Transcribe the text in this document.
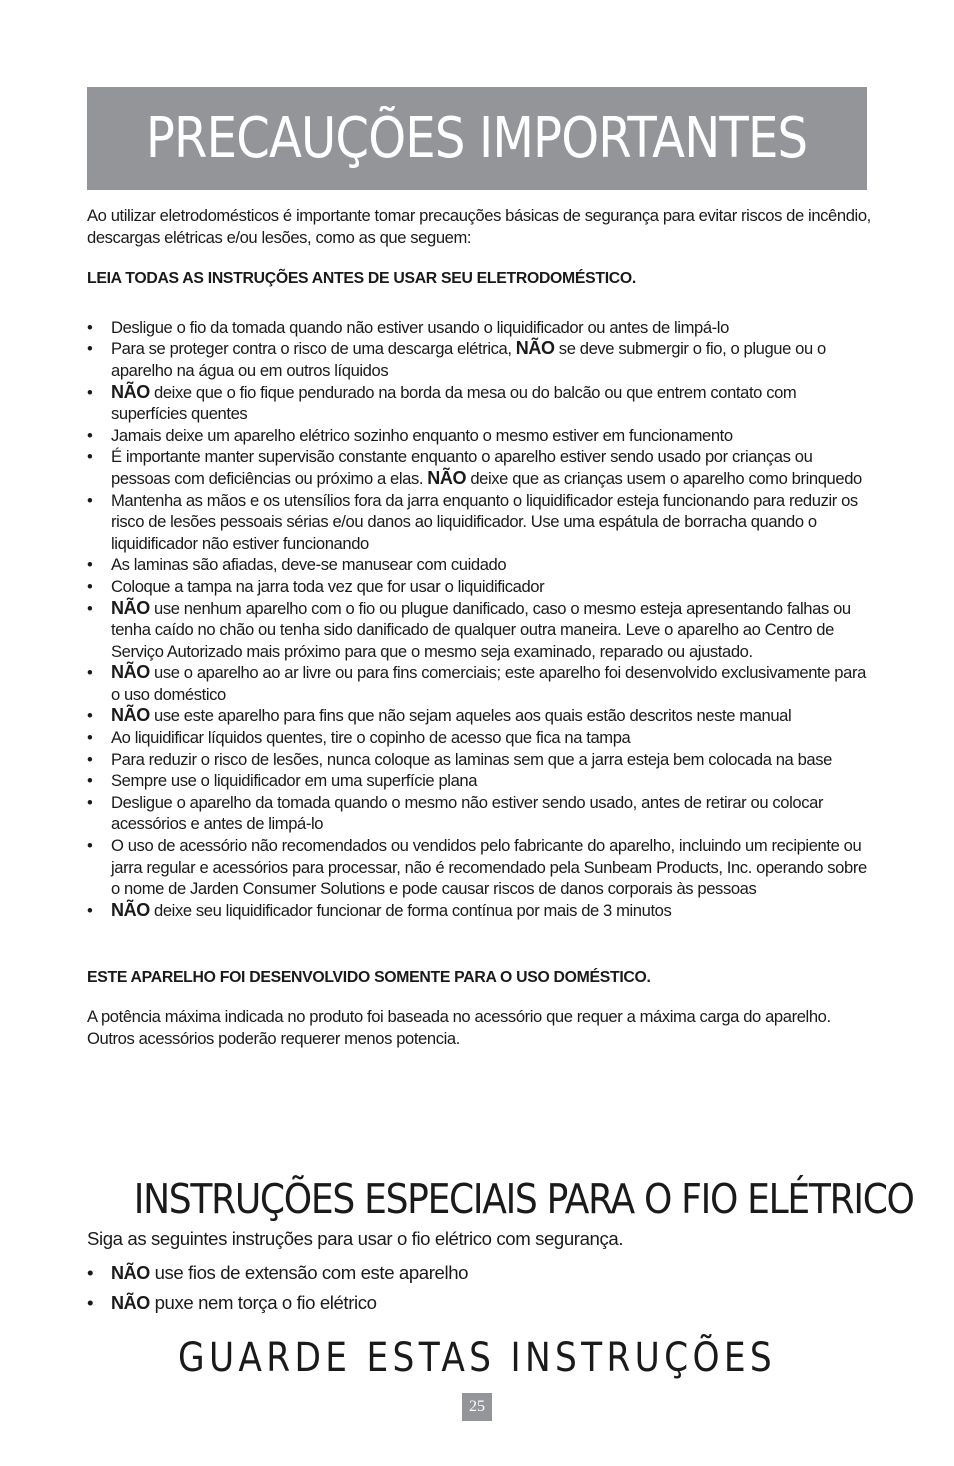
PRECAUÇÕES IMPORTANTES

Ao utilizar eletrodomésticos é importante tomar precauções básicas de segurança para evitar riscos de incêndio, descargas elétricas e/ou lesões, como as que seguem:

LEIA TODAS AS INSTRUÇÕES ANTES DE USAR SEU ELETRODOMÉSTICO.

• Desligue o fio da tomada quando não estiver usando o liquidificador ou antes de limpá-lo
• Para se proteger contra o risco de uma descarga elétrica, NÃO se deve submergir o fio, o plugue ou o aparelho na água ou em outros líquidos
• NÃO deixe que o fio fique pendurado na borda da mesa ou do balcão ou que entrem contato com superfícies quentes
• Jamais deixe um aparelho elétrico sozinho enquanto o mesmo estiver em funcionamento
• É importante manter supervisão constante enquanto o aparelho estiver sendo usado por crianças ou pessoas com deficiências ou próximo a elas. NÃO deixe que as crianças usem o aparelho como brinquedo
• Mantenha as mãos e os utensílios fora da jarra enquanto o liquidificador esteja funcionando para reduzir os risco de lesões pessoais sérias e/ou danos ao liquidificador. Use uma espátula de borracha quando o liquidificador não estiver funcionando
• As laminas são afiadas, deve-se manusear com cuidado
• Coloque a tampa na jarra toda vez que for usar o liquidificador
• NÃO use nenhum aparelho com o fio ou plugue danificado, caso o mesmo esteja apresentando falhas ou tenha caído no chão ou tenha sido danificado de qualquer outra maneira. Leve o aparelho ao Centro de Serviço Autorizado mais próximo para que o mesmo seja examinado, reparado ou ajustado.
• NÃO use o aparelho ao ar livre ou para fins comerciais; este aparelho foi desenvolvido exclusivamente para o uso doméstico
• NÃO use este aparelho para fins que não sejam aqueles aos quais estão descritos neste manual
• Ao liquidificar líquidos quentes, tire o copinho de acesso que fica na tampa
• Para reduzir o risco de lesões, nunca coloque as laminas sem que a jarra esteja bem colocada na base
• Sempre use o liquidificador em uma superfície plana
• Desligue o aparelho da tomada quando o mesmo não estiver sendo usado, antes de retirar ou colocar acessórios e antes de limpá-lo
• O uso de acessório não recomendados ou vendidos pelo fabricante do aparelho, incluindo um recipiente ou jarra regular e acessórios para processar, não é recomendado pela Sunbeam Products, Inc. operando sobre o nome de Jarden Consumer Solutions e pode causar riscos de danos corporais às pessoas
• NÃO deixe seu liquidificador funcionar de forma contínua por mais de 3 minutos

ESTE APARELHO FOI DESENVOLVIDO SOMENTE PARA O USO DOMÉSTICO.

A potência máxima indicada no produto foi baseada no acessório que requer a máxima carga do aparelho. Outros acessórios poderão requerer menos potencia.

INSTRUÇÕES ESPECIAIS PARA O FIO ELÉTRICO

Siga as seguintes instruções para usar o fio elétrico com segurança.

• NÃO use fios de extensão com este aparelho
• NÃO puxe nem torça o fio elétrico
GUARDE ESTAS INSTRUÇÕES
25
